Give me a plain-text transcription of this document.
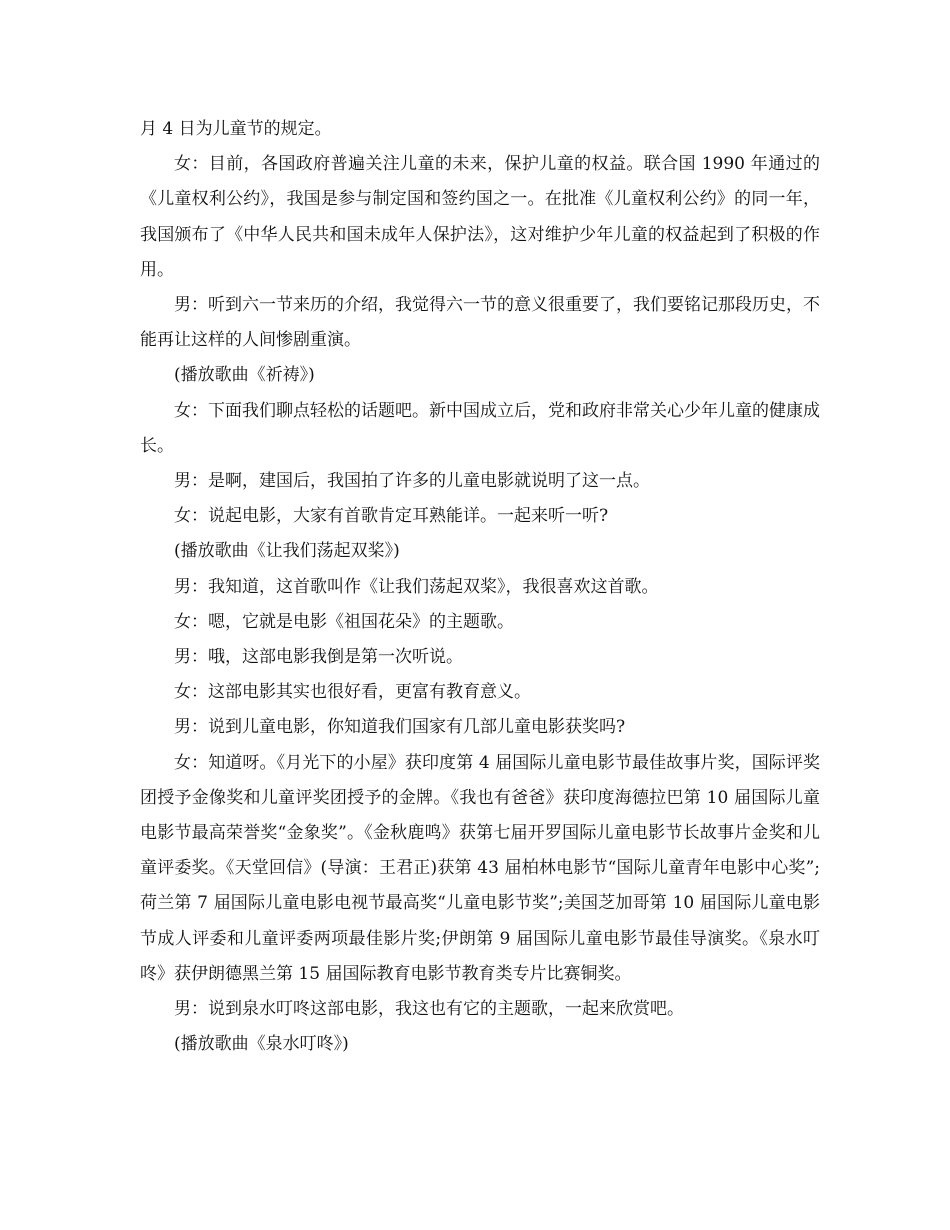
月 4 日为儿童节的规定。

女：目前，各国政府普遍关注儿童的未来，保护儿童的权益。联合国 1990 年通过的《儿童权利公约》，我国是参与制定国和签约国之一。在批准《儿童权利公约》的同一年，我国颁布了《中华人民共和国未成年人保护法》，这对维护少年儿童的权益起到了积极的作用。

男：听到六一节来历的介绍，我觉得六一节的意义很重要了，我们要铭记那段历史，不能再让这样的人间惨剧重演。

(播放歌曲《祈祷》)

女：下面我们聊点轻松的话题吧。新中国成立后，党和政府非常关心少年儿童的健康成长。

男：是啊，建国后，我国拍了许多的儿童电影就说明了这一点。

女：说起电影，大家有首歌肯定耳熟能详。一起来听一听?

(播放歌曲《让我们荡起双桨》)

男：我知道，这首歌叫作《让我们荡起双桨》，我很喜欢这首歌。

女：嗯，它就是电影《祖国花朵》的主题歌。

男：哦，这部电影我倒是第一次听说。

女：这部电影其实也很好看，更富有教育意义。

男：说到儿童电影，你知道我们国家有几部儿童电影获奖吗?

女：知道呀。《月光下的小屋》获印度第 4 届国际儿童电影节最佳故事片奖，国际评奖团授予金像奖和儿童评奖团授予的金牌。《我也有爸爸》获印度海德拉巴第 10 届国际儿童电影节最高荣誉奖“金象奖”。《金秋鹿鸣》获第七届开罗国际儿童电影节长故事片金奖和儿童评委奖。《天堂回信》(导演：王君正)获第 43 届柏林电影节“国际儿童青年电影中心奖”;荷兰第 7 届国际儿童电影电视节最高奖“儿童电影节奖”;美国芝加哥第 10 届国际儿童电影节成人评委和儿童评委两项最佳影片奖;伊朗第 9 届国际儿童电影节最佳导演奖。《泉水叮咚》获伊朗德黑兰第 15 届国际教育电影节教育类专片比赛铜奖。

男：说到泉水叮咚这部电影，我这也有它的主题歌，一起来欣赏吧。

(播放歌曲《泉水叮咚》)
